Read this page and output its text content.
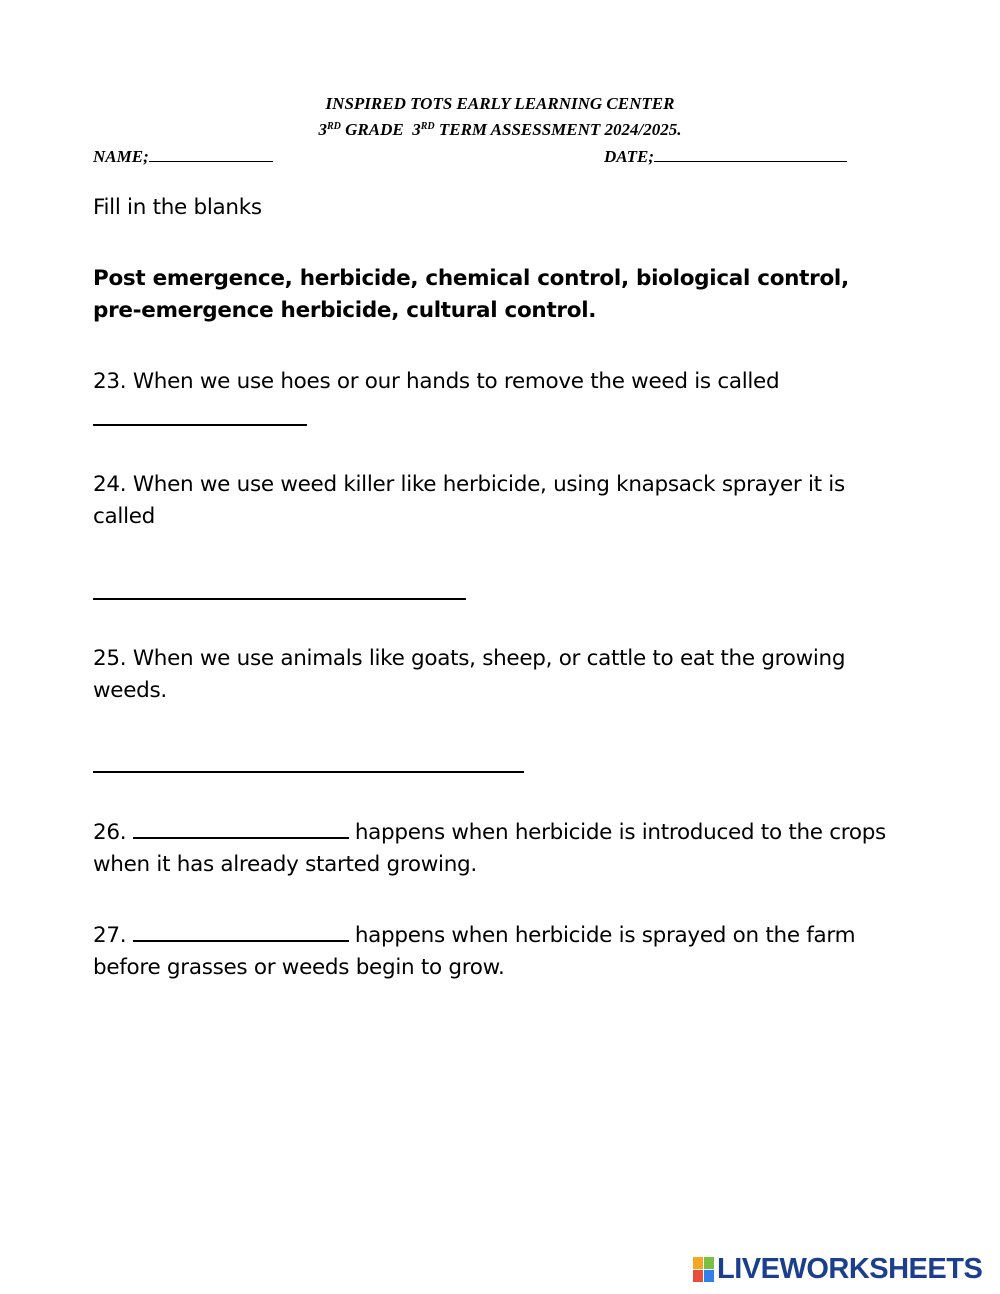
INSPIRED TOTS EARLY LEARNING CENTER
3RD GRADE 3RD TERM ASSESSMENT 2024/2025.
NAME;	DATE;
Fill in the blanks
Post emergence, herbicide, chemical control, biological control, pre-emergence herbicide, cultural control.
23. When we use hoes or our hands to remove the weed is called
24. When we use weed killer like herbicide, using knapsack sprayer it is called
25. When we use animals like goats, sheep, or cattle to eat the growing weeds.
26.	happens when herbicide is introduced to the crops when it has already started growing.
27.	happens when herbicide is sprayed on the farm before grasses or weeds begin to grow.
LIVEWORKSHEETS
